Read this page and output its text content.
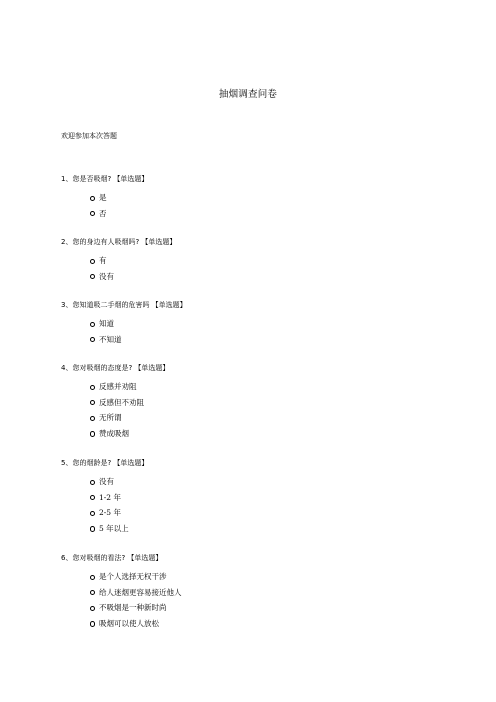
抽烟调查问卷
欢迎参加本次答题
1、您是否吸烟? 【单选题】
是
否
2、您的身边有人吸烟吗? 【单选题】
有
没有
3、您知道吸二手烟的危害吗 【单选题】
知道
不知道
4、您对吸烟的态度是? 【单选题】
反感并劝阻
反感但不劝阻
无所谓
赞成吸烟
5、您的烟龄是? 【单选题】
没有
1-2 年
2-5 年
5 年以上
6、您对吸烟的看法? 【单选题】
是个人选择无权干涉
给人迷烟更容易接近他人
不吸烟是一种新时尚
吸烟可以使人放松
